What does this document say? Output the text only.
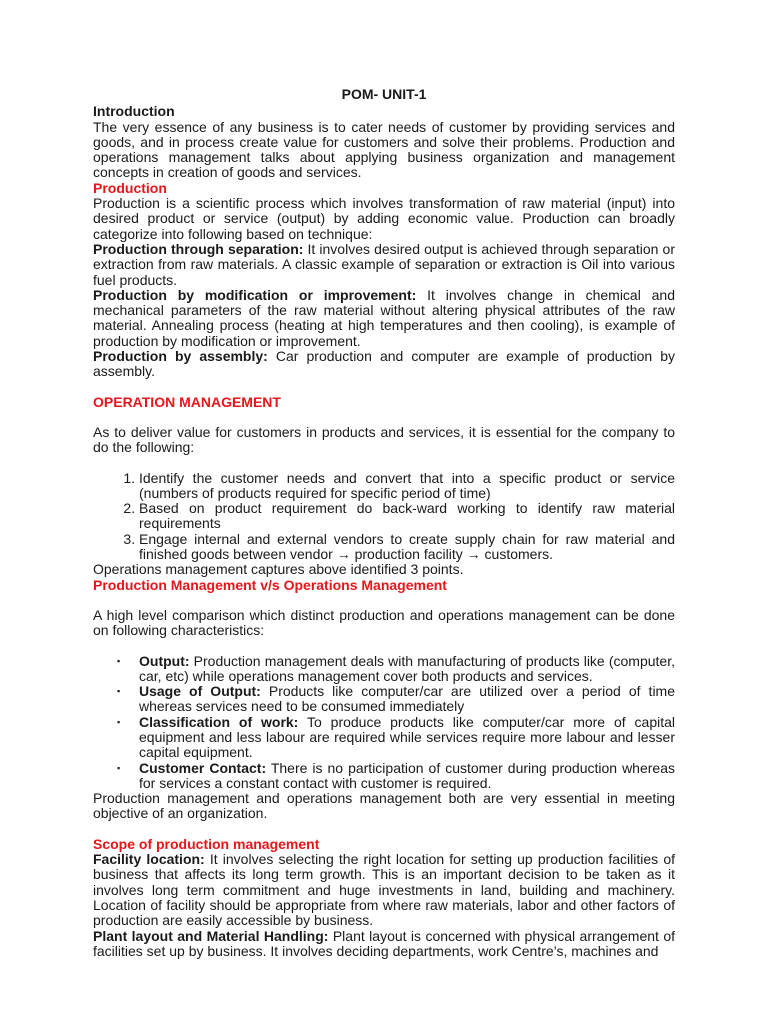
POM- UNIT-1
Introduction

The very essence of any business is to cater needs of customer by providing services and goods, and in process create value for customers and solve their problems. Production and operations management talks about applying business organization and management concepts in creation of goods and services.

Production

Production is a scientific process which involves transformation of raw material (input) into desired product or service (output) by adding economic value. Production can broadly categorize into following based on technique:

Production through separation: It involves desired output is achieved through separation or extraction from raw materials. A classic example of separation or extraction is Oil into various fuel products.

Production by modification or improvement: It involves change in chemical and mechanical parameters of the raw material without altering physical attributes of the raw material. Annealing process (heating at high temperatures and then cooling), is example of production by modification or improvement.

Production by assembly: Car production and computer are example of production by assembly.

OPERATION MANAGEMENT

As to deliver value for customers in products and services, it is essential for the company to do the following:

1. Identify the customer needs and convert that into a specific product or service (numbers of products required for specific period of time)
2. Based on product requirement do back-ward working to identify raw material requirements
3. Engage internal and external vendors to create supply chain for raw material and finished goods between vendor → production facility → customers.

Operations management captures above identified 3 points.

Production Management v/s Operations Management

A high level comparison which distinct production and operations management can be done on following characteristics:

▪ Output: Production management deals with manufacturing of products like (computer, car, etc) while operations management cover both products and services.
▪ Usage of Output: Products like computer/car are utilized over a period of time whereas services need to be consumed immediately
▪ Classification of work: To produce products like computer/car more of capital equipment and less labour are required while services require more labour and lesser capital equipment.
▪ Customer Contact: There is no participation of customer during production whereas for services a constant contact with customer is required.

Production management and operations management both are very essential in meeting objective of an organization.

Scope of production management

Facility location: It involves selecting the right location for setting up production facilities of business that affects its long term growth. This is an important decision to be taken as it involves long term commitment and huge investments in land, building and machinery. Location of facility should be appropriate from where raw materials, labor and other factors of production are easily accessible by business.

Plant layout and Material Handling: Plant layout is concerned with physical arrangement of facilities set up by business. It involves deciding departments, work Centre’s, machines and
